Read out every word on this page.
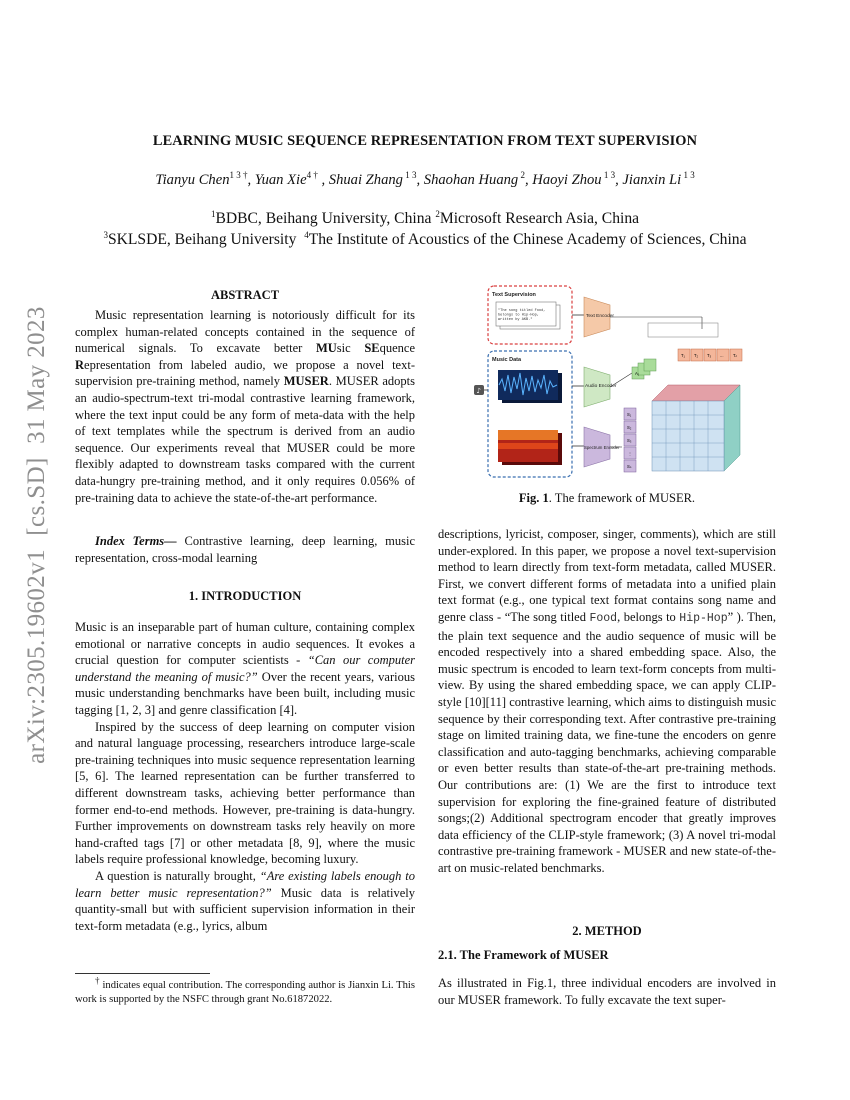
LEARNING MUSIC SEQUENCE REPRESENTATION FROM TEXT SUPERVISION
Tianyu Chen$^{1 3 \dagger}$, Yuan Xie$^{4 \dagger}$ , Shuai Zhang $^{1 3}$, Shaohan Huang $^2$, Haoyi Zhou $^{1 3}$, Jianxin Li $^{1 3}$
$^1$BDBC, Beihang University, China $^2$Microsoft Research Asia, China
$^3$SKLSDE, Beihang University  $^4$The Institute of Acoustics of the Chinese Academy of Sciences, China
arXiv:2305.19602v1  [cs.SD]  31 May 2023
ABSTRACT

Music representation learning is notoriously difficult for its complex human-related concepts contained in the sequence of numerical signals. To excavate better MUsic SEquence Representation from labeled audio, we propose a novel text-supervision pre-training method, namely MUSER. MUSER adopts an audio-spectrum-text tri-modal contrastive learning framework, where the text input could be any form of meta-data with the help of text templates while the spectrum is derived from an audio sequence. Our experiments reveal that MUSER could be more flexibly adapted to downstream tasks compared with the current data-hungry pre-training method, and it only requires 0.056% of pre-training data to achieve the state-of-the-art performance.

Index Terms— Contrastive learning, deep learning, music representation, cross-modal learning

1. INTRODUCTION

Music is an inseparable part of human culture, containing complex emotional or narrative concepts in audio sequences. It evokes a crucial question for computer scientists - “Can our computer understand the meaning of music?” Over the recent years, various music understanding benchmarks have been built, including music tagging [1, 2, 3] and genre classification [4].

Inspired by the success of deep learning on computer vision and natural language processing, researchers introduce large-scale pre-training techniques into music sequence representation learning [5, 6]. The learned representation can be further transferred to different downstream tasks, achieving better performance than former end-to-end methods. However, pre-training is data-hungry. Further improvements on downstream tasks rely heavily on more hand-crafted tags [7] or other metadata [8, 9], where the music labels require professional knowledge, becoming luxury.

A question is naturally brought, “Are existing labels enough to learn better music representation?” Music data is relatively quantity-small but with sufficient supervision information in their text-form metadata (e.g., lyrics, album

† indicates equal contribution. The corresponding author is Jianxin Li. This work is supported by the NSFC through grant No.61872022.
Text Supervision
"The song titled Food, belongs to Hip-Hop, written by AKB."
Music Data
♪
Text Encoder
Audio Encoder
Spectrum Encoder
T₁ T₂ T₃ ... Tₙ
A₁
S₁
S₂
S₃
⋮
Sₙ
Fig. 1. The framework of MUSER.

descriptions, lyricist, composer, singer, comments), which are still under-explored. In this paper, we propose a novel text-supervision method to learn directly from text-form metadata, called MUSER. First, we convert different forms of metadata into a unified plain text format (e.g., one typical text format contains song name and genre class - “The song titled Food, belongs to Hip-Hop” ). Then, the plain text sequence and the audio sequence of music will be encoded respectively into a shared embedding space. Also, the music spectrum is encoded to learn text-form concepts from multi-view. By using the shared embedding space, we can apply CLIP-style [10][11] contrastive learning, which aims to distinguish music sequence by their corresponding text. After contrastive pre-training stage on limited training data, we fine-tune the encoders on genre classification and auto-tagging benchmarks, achieving comparable or even better results than state-of-the-art pre-training methods. Our contributions are: (1) We are the first to introduce text supervision for exploring the fine-grained feature of distributed songs;(2) Additional spectrogram encoder that greatly improves data efficiency of the CLIP-style framework; (3) A novel tri-modal contrastive pre-training framework - MUSER and new state-of-the-art on music-related benchmarks.

2. METHOD
2.1. The Framework of MUSER

As illustrated in Fig.1, three individual encoders are involved in our MUSER framework. To fully excavate the text super-
